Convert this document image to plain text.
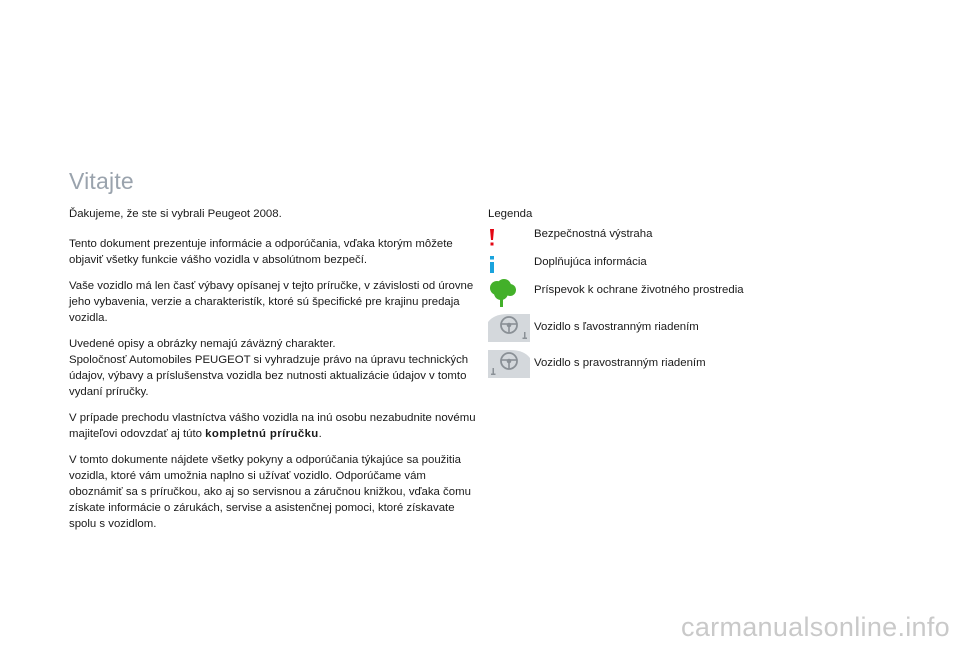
Vitajte

Ďakujeme, že ste si vybrali Peugeot 2008.

Tento dokument prezentuje informácie a odporúčania, vďaka ktorým môžete objaviť všetky funkcie vášho vozidla v absolútnom bezpečí.

Vaše vozidlo má len časť výbavy opísanej v tejto príručke, v závislosti od úrovne jeho vybavenia, verzie a charakteristík, ktoré sú špecifické pre krajinu predaja vozidla.

Uvedené opisy a obrázky nemajú záväzný charakter.
Spoločnosť Automobiles PEUGEOT si vyhradzuje právo na úpravu technických údajov, výbavy a príslušenstva vozidla bez nutnosti aktualizácie údajov v tomto vydaní príručky.

V prípade prechodu vlastníctva vášho vozidla na inú osobu nezabudnite novému majiteľovi odovzdať aj túto kompletnú príručku.

V tomto dokumente nájdete všetky pokyny a odporúčania týkajúce sa použitia vozidla, ktoré vám umožnia naplno si užívať vozidlo. Odporúčame vám oboznámiť sa s príručkou, ako aj so servisnou a záručnou knižkou, vďaka čomu získate informácie o zárukách, servise a asistenčnej pomoci, ktoré získavate spolu s vozidlom.

Legenda
Bezpečnostná výstraha
Doplňujúca informácia
Príspevok k ochrane životného prostredia
Vozidlo s ľavostranným riadením
Vozidlo s pravostranným riadením
carmanualsonline.info
